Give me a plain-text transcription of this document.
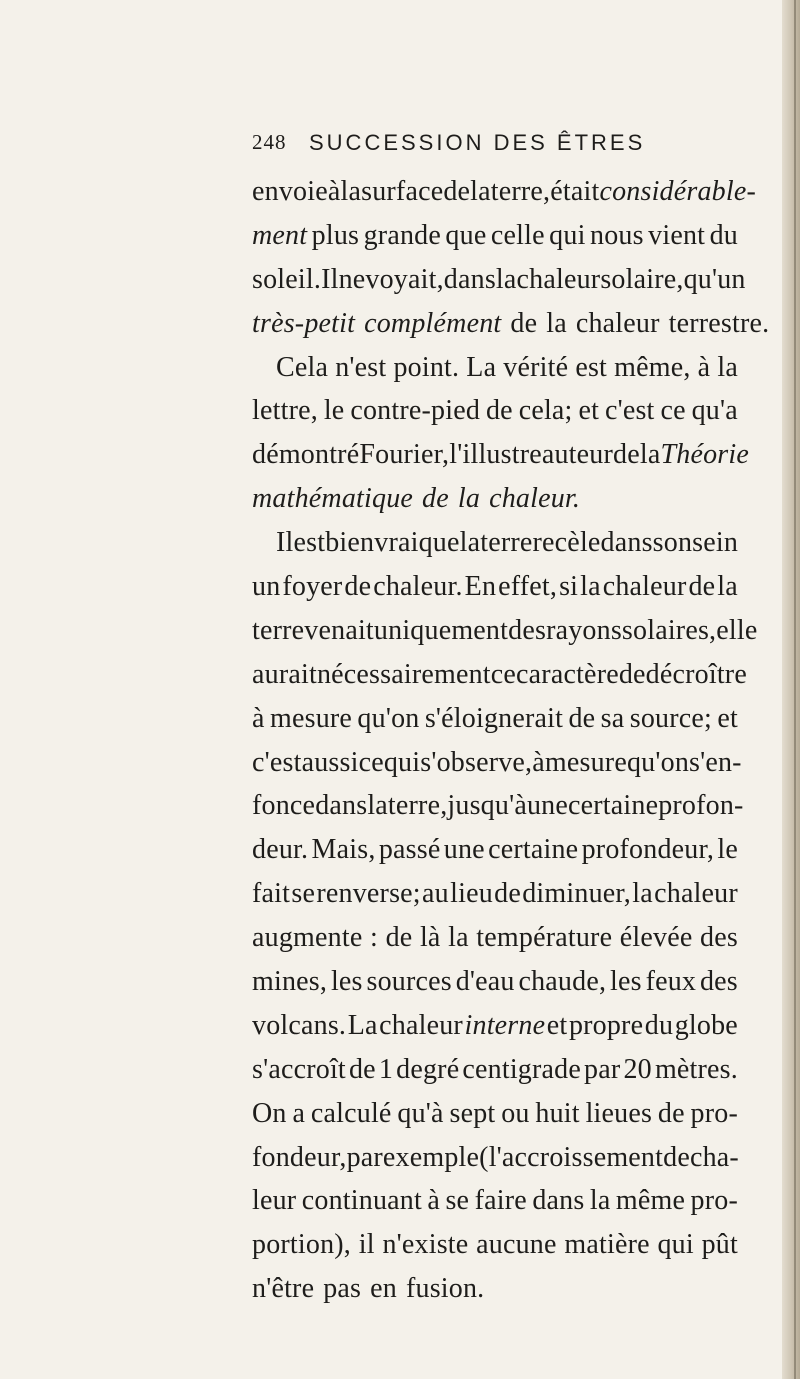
248 SUCCESSION DES ÊTRES
envoie à la surface de la terre, était considérable-
ment plus grande que celle qui nous vient du
soleil. Il ne voyait, dans la chaleur solaire, qu'un
très-petit complément de la chaleur terrestre.
Cela n'est point. La vérité est même, à la
lettre, le contre-pied de cela; et c'est ce qu'a
démontré Fourier, l'illustre auteur de la Théorie
mathématique de la chaleur.
Il est bien vrai que la terre recèle dans son sein
un foyer de chaleur. En effet, si la chaleur de la
terre venait uniquement des rayons solaires, elle
aurait nécessairement ce caractère de décroître
à mesure qu'on s'éloignerait de sa source; et
c'est aussi ce qui s'observe, à mesure qu'on s'en-
fonce dans la terre, jusqu'à une certaine profon-
deur. Mais, passé une certaine profondeur, le
fait se renverse; au lieu de diminuer, la chaleur
augmente : de là la température élevée des
mines, les sources d'eau chaude, les feux des
volcans. La chaleur interne et propre du globe
s'accroît de 1 degré centigrade par 20 mètres.
On a calculé qu'à sept ou huit lieues de pro-
fondeur, par exemple (l'accroissement de cha-
leur continuant à se faire dans la même pro-
portion), il n'existe aucune matière qui pût
n'être pas en fusion.
